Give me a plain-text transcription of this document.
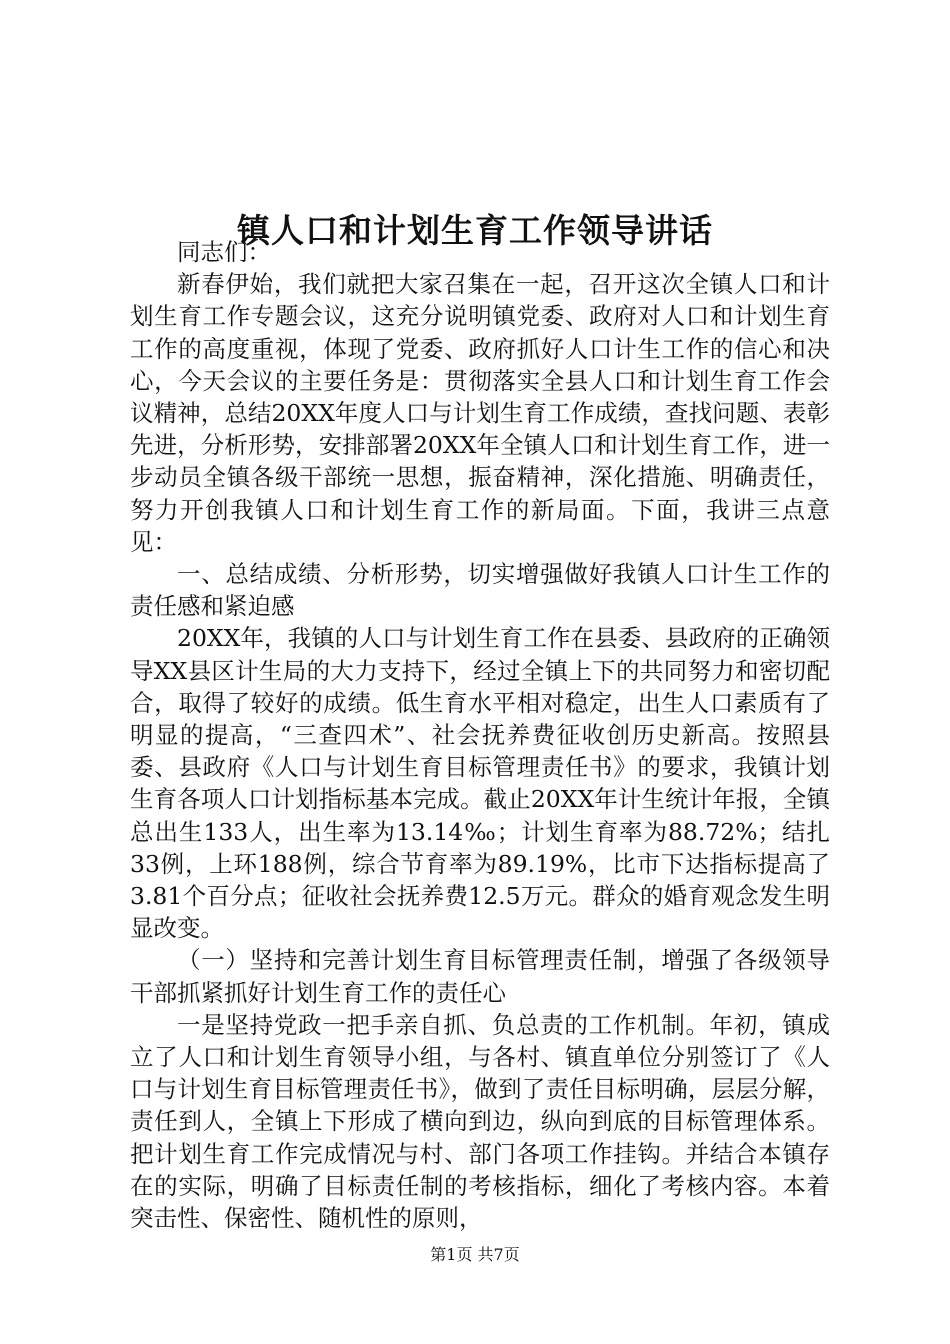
镇人口和计划生育工作领导讲话

同志们：

新春伊始，我们就把大家召集在一起，召开这次全镇人口和计划生育工作专题会议，这充分说明镇党委、政府对人口和计划生育工作的高度重视，体现了党委、政府抓好人口计生工作的信心和决心，今天会议的主要任务是：贯彻落实全县人口和计划生育工作会议精神，总结20XX年度人口与计划生育工作成绩，查找问题、表彰先进，分析形势，安排部署20XX年全镇人口和计划生育工作，进一步动员全镇各级干部统一思想，振奋精神，深化措施、明确责任，努力开创我镇人口和计划生育工作的新局面。下面，我讲三点意见：

一、总结成绩、分析形势，切实增强做好我镇人口计生工作的责任感和紧迫感

20XX年，我镇的人口与计划生育工作在县委、县政府的正确领导XX县区计生局的大力支持下，经过全镇上下的共同努力和密切配合，取得了较好的成绩。低生育水平相对稳定，出生人口素质有了明显的提高，“三查四术”、社会抚养费征收创历史新高。按照县委、县政府《人口与计划生育目标管理责任书》的要求，我镇计划生育各项人口计划指标基本完成。截止20XX年计生统计年报，全镇总出生133人，出生率为13.14‰；计划生育率为88.72%；结扎33例，上环188例，综合节育率为89.19%，比市下达指标提高了3.81个百分点；征收社会抚养费12.5万元。群众的婚育观念发生明显改变。

（一）坚持和完善计划生育目标管理责任制，增强了各级领导干部抓紧抓好计划生育工作的责任心

一是坚持党政一把手亲自抓、负总责的工作机制。年初，镇成立了人口和计划生育领导小组，与各村、镇直单位分别签订了《人口与计划生育目标管理责任书》，做到了责任目标明确，层层分解，责任到人，全镇上下形成了横向到边，纵向到底的目标管理体系。把计划生育工作完成情况与村、部门各项工作挂钩。并结合本镇存在的实际，明确了目标责任制的考核指标，细化了考核内容。本着突击性、保密性、随机性的原则，

第1页 共7页
